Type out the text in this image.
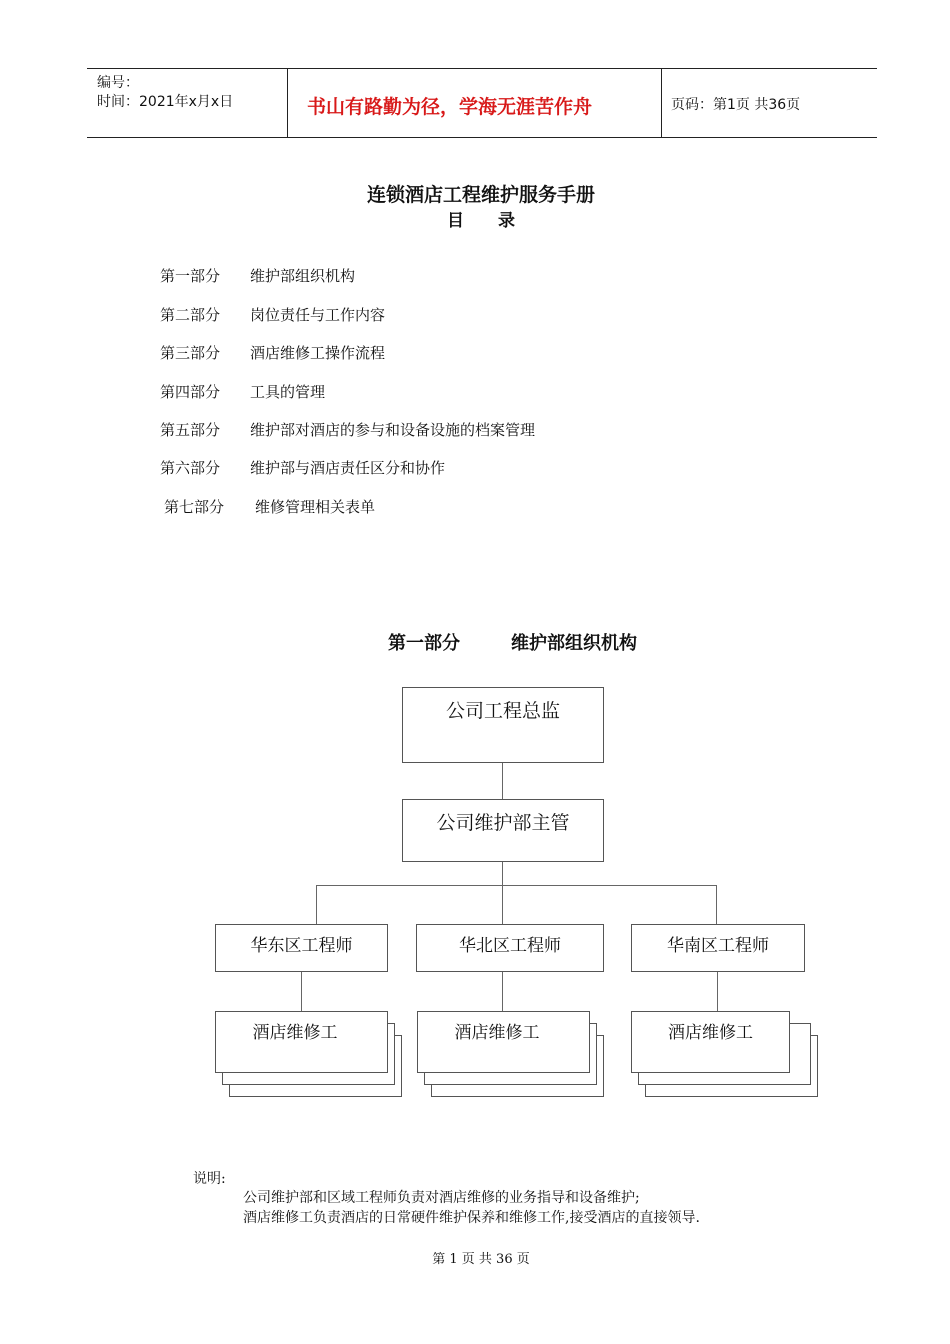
编号：
时间：2021年x月x日	书山有路勤为径，学海无涯苦作舟	页码：第1页 共36页
连锁酒店工程维护服务手册
目　　录
第一部分 维护部组织机构
第二部分 岗位责任与工作内容
第三部分 酒店维修工操作流程
第四部分 工具的管理
第五部分 维护部对酒店的参与和设备设施的档案管理
第六部分 维护部与酒店责任区分和协作
第七部分 维修管理相关表单
第一部分	维护部组织机构
公司工程总监
公司维护部主管
华东区工程师	华北区工程师	华南区工程师
酒店维修工	酒店维修工	酒店维修工
说明:
公司维护部和区域工程师负责对酒店维修的业务指导和设备维护;
酒店维修工负责酒店的日常硬件维护保养和维修工作,接受酒店的直接领导.
第 1 页 共 36 页
